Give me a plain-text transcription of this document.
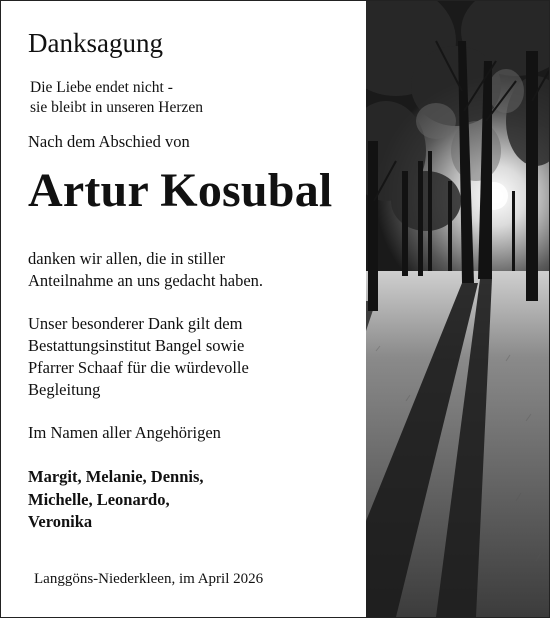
Danksagung
Die Liebe endet nicht -
sie bleibt in unseren Herzen
Nach dem Abschied von
Artur Kosubal
danken wir allen, die in stiller
Anteilnahme an uns gedacht haben.
Unser besonderer Dank gilt dem
Bestattungsinstitut Bangel sowie
Pfarrer Schaaf für die würdevolle
Begleitung
Im Namen aller Angehörigen
Margit, Melanie, Dennis,
Michelle, Leonardo,
Veronika
Langgöns-Niederkleen, im April 2026
